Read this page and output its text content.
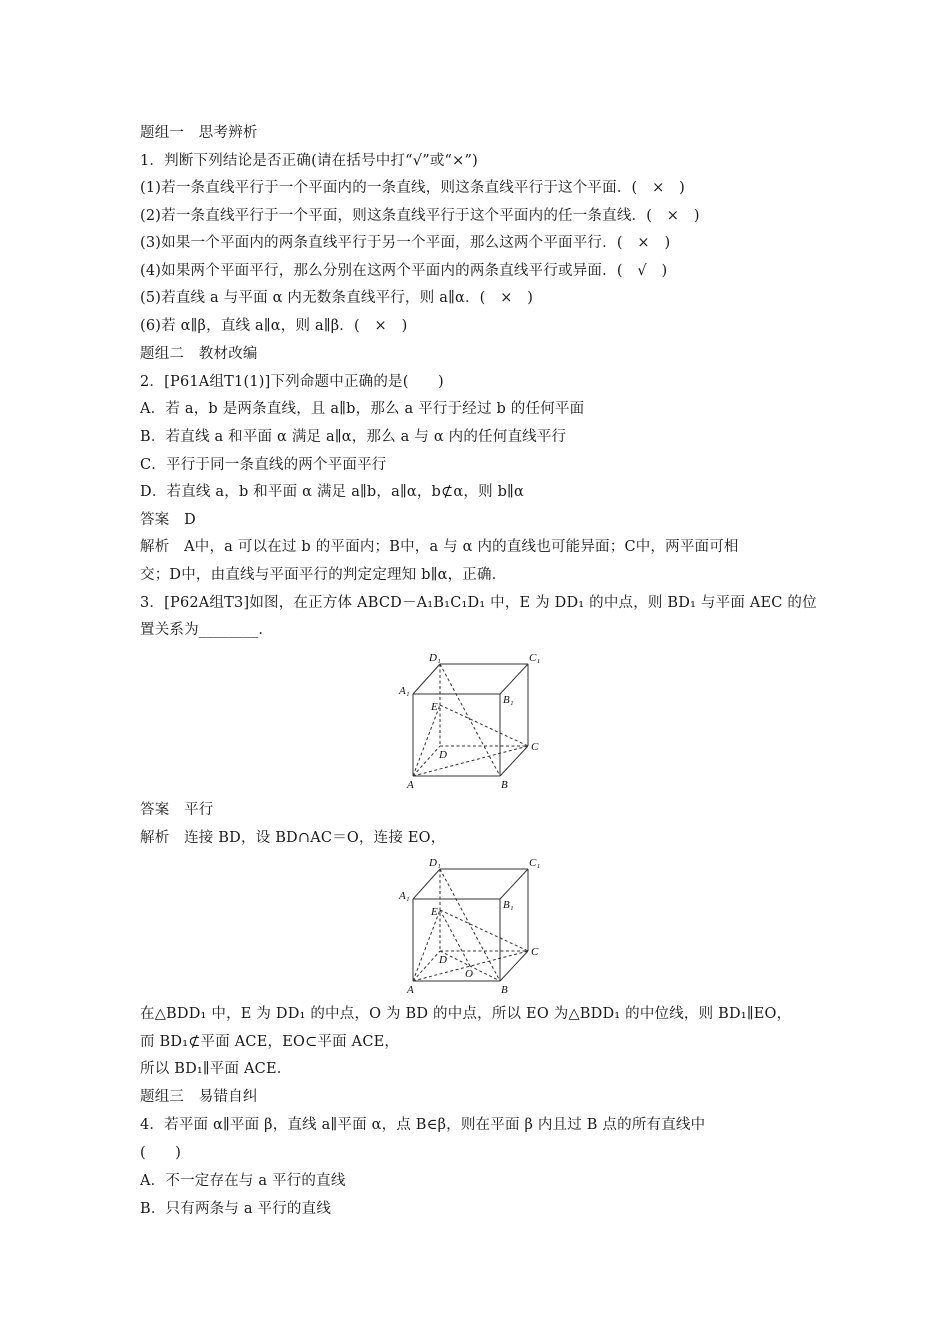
题组一　思考辨析
1．判断下列结论是否正确(请在括号中打“√”或“×”)
(1)若一条直线平行于一个平面内的一条直线，则这条直线平行于这个平面．(　×　)
(2)若一条直线平行于一个平面，则这条直线平行于这个平面内的任一条直线．(　×　)
(3)如果一个平面内的两条直线平行于另一个平面，那么这两个平面平行．(　×　)
(4)如果两个平面平行，那么分别在这两个平面内的两条直线平行或异面．(　√　)
(5)若直线 a 与平面 α 内无数条直线平行，则 a∥α．(　×　)
(6)若 α∥β，直线 a∥α，则 a∥β．(　×　)
题组二　教材改编
2．[P61A组T1(1)]下列命题中正确的是(　　)
A．若 a，b 是两条直线，且 a∥b，那么 a 平行于经过 b 的任何平面
B．若直线 a 和平面 α 满足 a∥α，那么 a 与 α 内的任何直线平行
C．平行于同一条直线的两个平面平行
D．若直线 a，b 和平面 α 满足 a∥b，a∥α，b⊄α，则 b∥α
答案　D
解析　A中，a 可以在过 b 的平面内；B中，a 与 α 内的直线也可能异面；C中，两平面可相
交；D中，由直线与平面平行的判定定理知 b∥α，正确．
3．[P62A组T3]如图，在正方体 ABCD－A₁B₁C₁D₁ 中，E 为 DD₁ 的中点，则 BD₁ 与平面 AEC 的位
置关系为________．
D₁	C₁
A₁
B₁
E
D
C
A	B
答案　平行
解析　连接 BD，设 BD∩AC＝O，连接 EO，
D₁	C₁
A₁
B₁
E
D
O
C
A	B
在△BDD₁ 中，E 为 DD₁ 的中点，O 为 BD 的中点，所以 EO 为△BDD₁ 的中位线，则 BD₁∥EO，
而 BD₁⊄平面 ACE，EO⊂平面 ACE，
所以 BD₁∥平面 ACE．
题组三　易错自纠
4．若平面 α∥平面 β，直线 a∥平面 α，点 B∈β，则在平面 β 内且过 B 点的所有直线中
(　　)
A．不一定存在与 a 平行的直线
B．只有两条与 a 平行的直线
